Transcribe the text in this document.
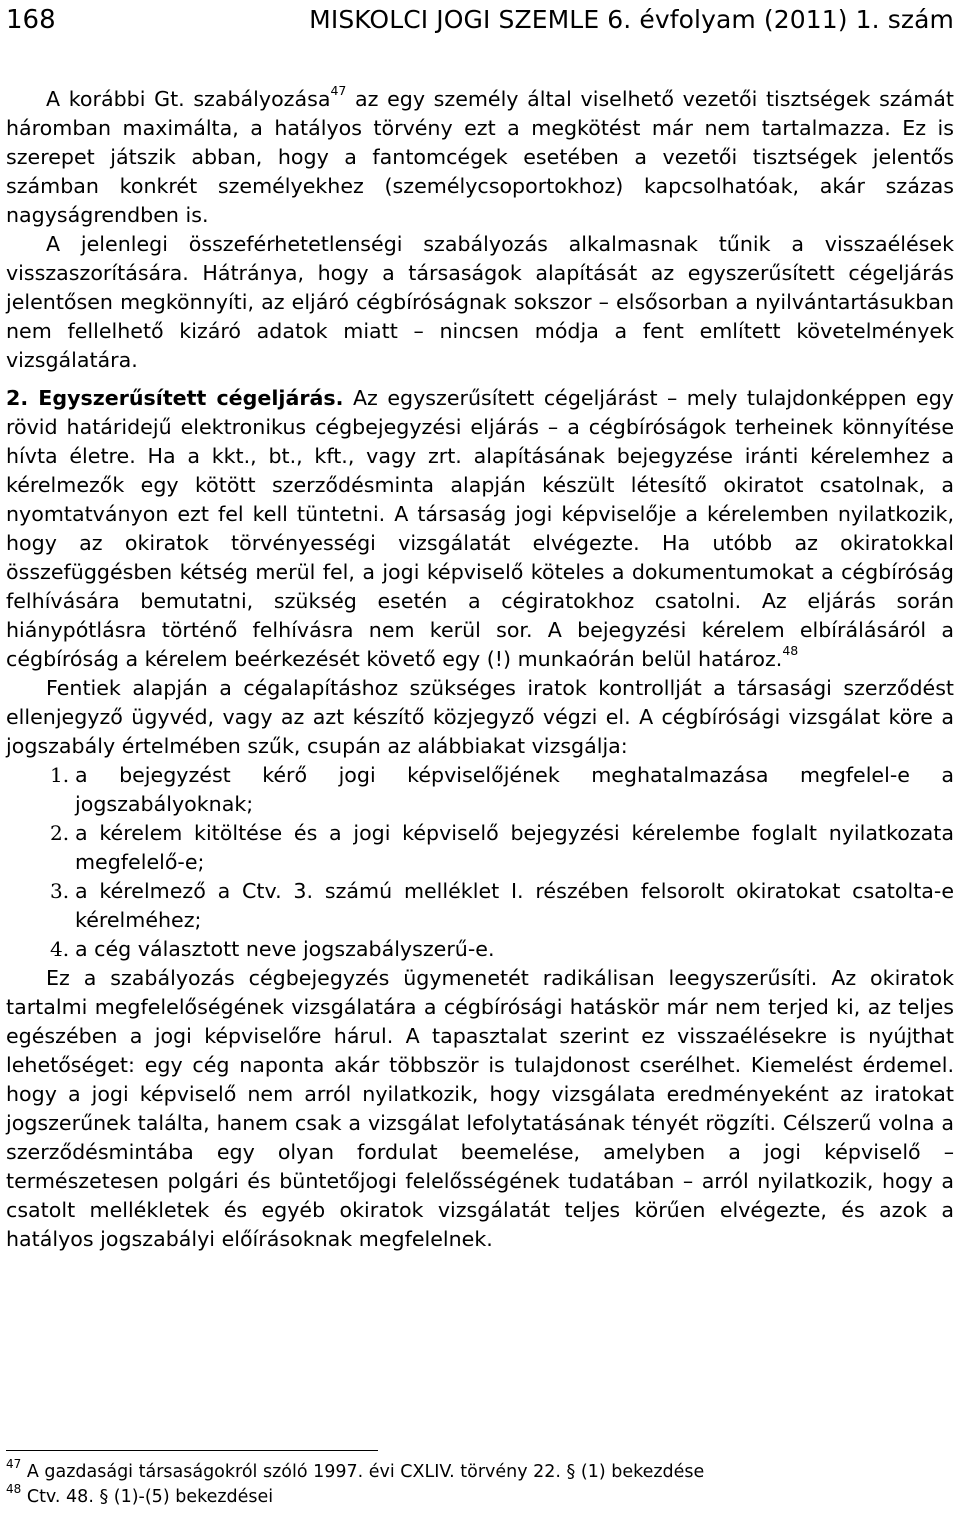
168	MISKOLCI JOGI SZEMLE 6. évfolyam (2011) 1. szám

A korábbi Gt. szabályozása$^{47}$ az egy személy által viselhető vezetői tisztségek számát háromban maximálta, a hatályos törvény ezt a megkötést már nem tartalmazza. Ez is szerepet játszik abban, hogy a fantomcégek esetében a vezetői tisztségek jelentős számban konkrét személyekhez (személycsoportokhoz) kapcsolhatóak, akár százas nagyságrendben is.

A jelenlegi összeférhetetlenségi szabályozás alkalmasnak tűnik a visszaélések visszaszorítására. Hátránya, hogy a társaságok alapítását az egyszerűsített cégeljárás jelentősen megkönnyíti, az eljáró cégbíróságnak sokszor – elsősorban a nyilvántartásukban nem fellelhető kizáró adatok miatt – nincsen módja a fent említett követelmények vizsgálatára.

2. Egyszerűsített cégeljárás. Az egyszerűsített cégeljárást – mely tulajdonképpen egy rövid határidejű elektronikus cégbejegyzési eljárás – a cégbíróságok terheinek könnyítése hívta életre. Ha a kkt., bt., kft., vagy zrt. alapításának bejegyzése iránti kérelemhez a kérelmezők egy kötött szerződésminta alapján készült létesítő okiratot csatolnak, a nyomtatványon ezt fel kell tüntetni. A társaság jogi képviselője a kérelemben nyilatkozik, hogy az okiratok törvényességi vizsgálatát elvégezte. Ha utóbb az okiratokkal összefüggésben kétség merül fel, a jogi képviselő köteles a dokumentumokat a cégbíróság felhívására bemutatni, szükség esetén a cégiratokhoz csatolni. Az eljárás során hiánypótlásra történő felhívásra nem kerül sor. A bejegyzési kérelem elbírálásáról a cégbíróság a kérelem beérkezését követő egy (!) munkaórán belül határoz.$^{48}$

Fentiek alapján a cégalapításhoz szükséges iratok kontrollját a társasági szerződést ellenjegyző ügyvéd, vagy az azt készítő közjegyző végzi el. A cégbírósági vizsgálat köre a jogszabály értelmében szűk, csupán az alábbiakat vizsgálja:

1. a bejegyzést kérő jogi képviselőjének meghatalmazása megfelel-e a jogszabályoknak;
2. a kérelem kitöltése és a jogi képviselő bejegyzési kérelembe foglalt nyilatkozata megfelelő-e;
3. a kérelmező a Ctv. 3. számú melléklet I. részében felsorolt okiratokat csatolta-e kérelméhez;
4. a cég választott neve jogszabályszerű-e.

Ez a szabályozás cégbejegyzés ügymenetét radikálisan leegyszerűsíti. Az okiratok tartalmi megfelelőségének vizsgálatára a cégbírósági hatáskör már nem terjed ki, az teljes egészében a jogi képviselőre hárul. A tapasztalat szerint ez visszaélésekre is nyújthat lehetőséget: egy cég naponta akár többször is tulajdonost cserélhet. Kiemelést érdemel. hogy a jogi képviselő nem arról nyilatkozik, hogy vizsgálata eredményeként az iratokat jogszerűnek találta, hanem csak a vizsgálat lefolytatásának tényét rögzíti. Célszerű volna a szerződésmintába egy olyan fordulat beemelése, amelyben a jogi képviselő – természetesen polgári és büntetőjogi felelősségének tudatában – arról nyilatkozik, hogy a csatolt mellékletek és egyéb okiratok vizsgálatát teljes körűen elvégezte, és azok a hatályos jogszabályi előírásoknak megfelelnek.

$^{47}$ A gazdasági társaságokról szóló 1997. évi CXLIV. törvény 22. § (1) bekezdése

$^{48}$ Ctv. 48. § (1)-(5) bekezdései
